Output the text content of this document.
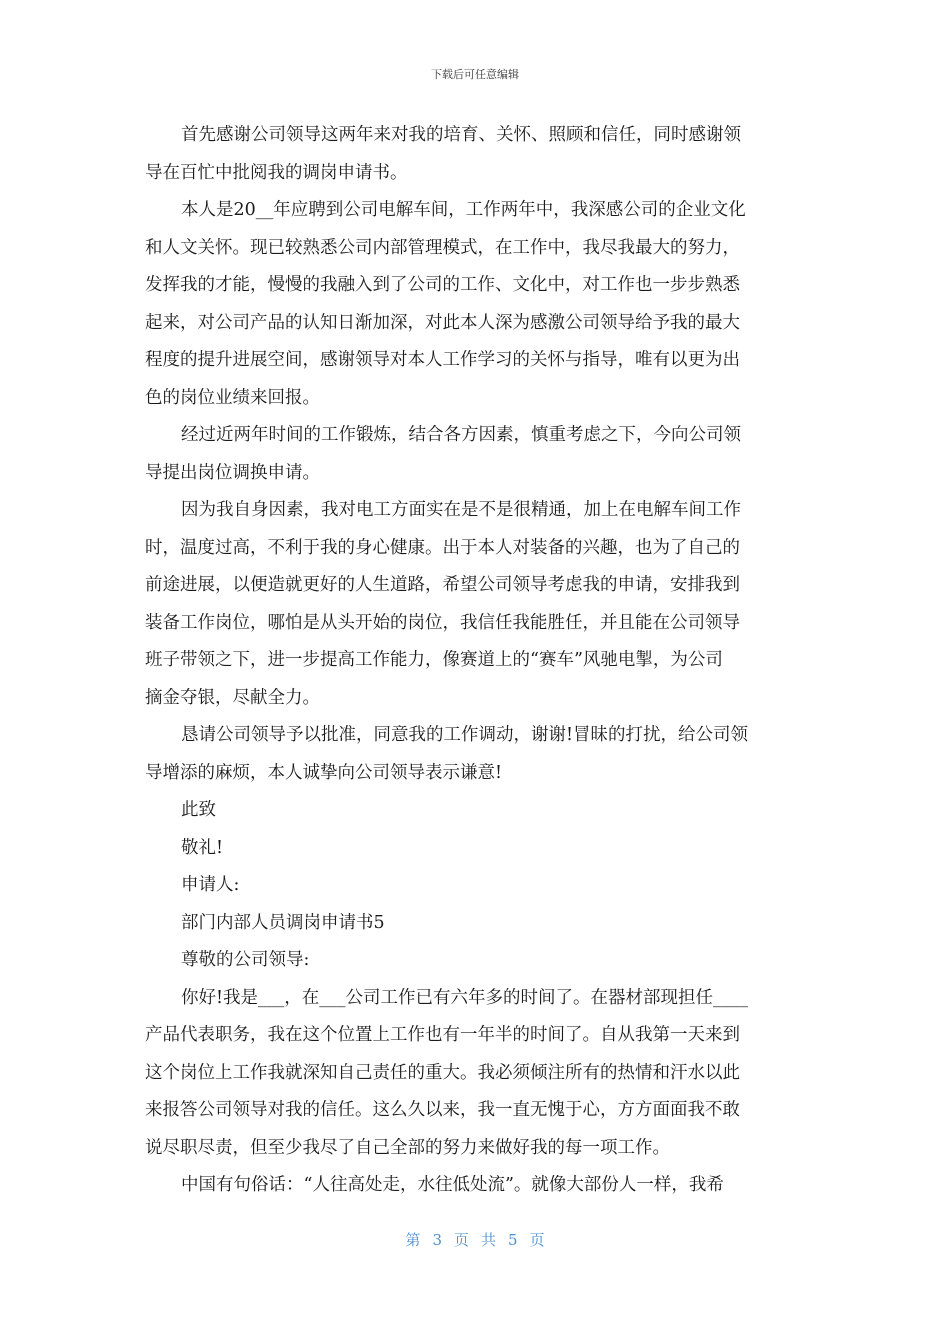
下载后可任意编辑
首先感谢公司领导这两年来对我的培育、关怀、照顾和信任，同时感谢领
导在百忙中批阅我的调岗申请书。
本人是20__年应聘到公司电解车间，工作两年中，我深感公司的企业文化
和人文关怀。现已较熟悉公司内部管理模式，在工作中，我尽我最大的努力，
发挥我的才能，慢慢的我融入到了公司的工作、文化中，对工作也一步步熟悉
起来，对公司产品的认知日渐加深，对此本人深为感激公司领导给予我的最大
程度的提升进展空间，感谢领导对本人工作学习的关怀与指导，唯有以更为出
色的岗位业绩来回报。
经过近两年时间的工作锻炼，结合各方因素，慎重考虑之下，今向公司领
导提出岗位调换申请。
因为我自身因素，我对电工方面实在是不是很精通，加上在电解车间工作
时，温度过高，不利于我的身心健康。出于本人对装备的兴趣，也为了自己的
前途进展，以便造就更好的人生道路，希望公司领导考虑我的申请，安排我到
装备工作岗位，哪怕是从头开始的岗位，我信任我能胜任，并且能在公司领导
班子带领之下，进一步提高工作能力，像赛道上的“赛车”风驰电掣，为公司
摘金夺银，尽献全力。
恳请公司领导予以批准，同意我的工作调动，谢谢!冒昧的打扰，给公司领
导增添的麻烦，本人诚挚向公司领导表示谦意!
此致
敬礼!
申请人:
部门内部人员调岗申请书5
尊敬的公司领导:
你好!我是___，在___公司工作已有六年多的时间了。在器材部现担任____
产品代表职务，我在这个位置上工作也有一年半的时间了。自从我第一天来到
这个岗位上工作我就深知自己责任的重大。我必须倾注所有的热情和汗水以此
来报答公司领导对我的信任。这么久以来，我一直无愧于心，方方面面我不敢
说尽职尽责，但至少我尽了自己全部的努力来做好我的每一项工作。
中国有句俗话：“人往高处走，水往低处流”。就像大部份人一样，我希
第 3 页 共 5 页
